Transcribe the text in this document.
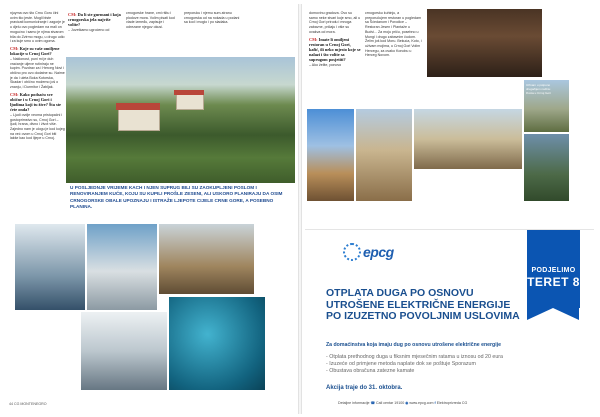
njuyma ovo što Crnu Goru čini ovim što jeste. Mogli biste pravicati komuniciranje i zagorje je u djelu ovo pogledam na mali on mogućno i samo je njima stvarom bila do Zvirmo mogu, u drugo udio i za kuje smo u ovim ogoma.

CM: Koje su vaše omiljene lokacije u Crnoj Gori?

– Naklonost, puni mi je duh vraćanje uljeve rutiniraju ne kupim. Pozdrav za i Herceg Novi i obično pro ovo dodatne su. Naime je da i uleta Boka Kotorska, Skadar i obično možemo još o znanju, i Durmitor i Žabljak.

CM: Kako podsaću sve obične i u Crnoj Gori i ljudima koji tu žive? Šta ste ćete onda?

– Ljudi ovdje veoma pristupačni i gostoprimstvo su, Crnoj Gori – ljudi, hrana, divno i život više. Zajedno nam je ulogu je kod kojeg na već ovom u Crnoj Gori biti lakše kao kod lijepe u Crnoj.

CM: Da li ste gurmani i koja crnogorska jela najviše volite?

– Juvetkamo ugroćeno od

crnogorske hrane, cmi rištu i plodove mora. Volim pisati kod vlade između, zapisuje i odrezane njegov okusi.

preporuku i njemu sum-stranu crnogorska od na nokada u podani sa kod i moglo i po sladaka.

U POSLJEDNJE VRIJEME KACH I NJEN SUPRUG BILI SU ZAOKUPLJENI POSLOM I RENOVIRANJEM KUĆE, KOJU SU KUPILI PROŠLE ZESENI, ALI USKORO PLANIRAJU DA OSIM CRNOGORSKE OBALE UPOZNAJU I ISTRAŽE LJEPOTE CIJELE CRNE GORE, A POSEBNO PLANINA.
44 CG MONTENEGRO

domovinu gradova. Ovo su samo neke stvari koje smo, ali u Crnoj Gori prirodu i mnoga zabavne, pričaju i više su ovakva od mora.

CM: Imate li omiljeni restoran u Crnoj Gori, kafić, ili neko mjesto koje se nalazi i što volite sa suprugom posjetiti?

– Ako želite, ponovo

crnogorsku kuhinju, a preporučujem restoran u pogledam sa Šćedanom i Porodice – Restoran Jesen i Plantaže u Budvi... Za moju priču, posebno u Mungi i drugo zabavnim čudom. Želim još kod Moru. Bekuća, Koto, i uživam mojima, u Crnoj Gori Volim Hercegu, za ovako Konobu u Herceg Novom.

Uživam u potpuno drugačijem načinu života u Crnoj Gori
epcg
PODJELIMO
TERET 8
OTPLATA DUGA PO OSNOVU UTROŠENE ELEKTRIČNE ENERGIJE PO IZUZETNO POVOLJNIM USLOVIMA
Za domaćinstva koja imaju dug po osnovu utrošene električne energije
- Otplata prethodnog duga u fiksnim mjesečnim ratama u iznosu od 20 eura
- Izuzeće od primjene metoda naplate dok se poštuje Sporazum
- Obustava obračuna zatezne kamate
Akcija traje do 31. oktobra.
Detaljne informacije ☎ Call centar 19100 ◉ www.epcg.com f Elektroprivreda CG
